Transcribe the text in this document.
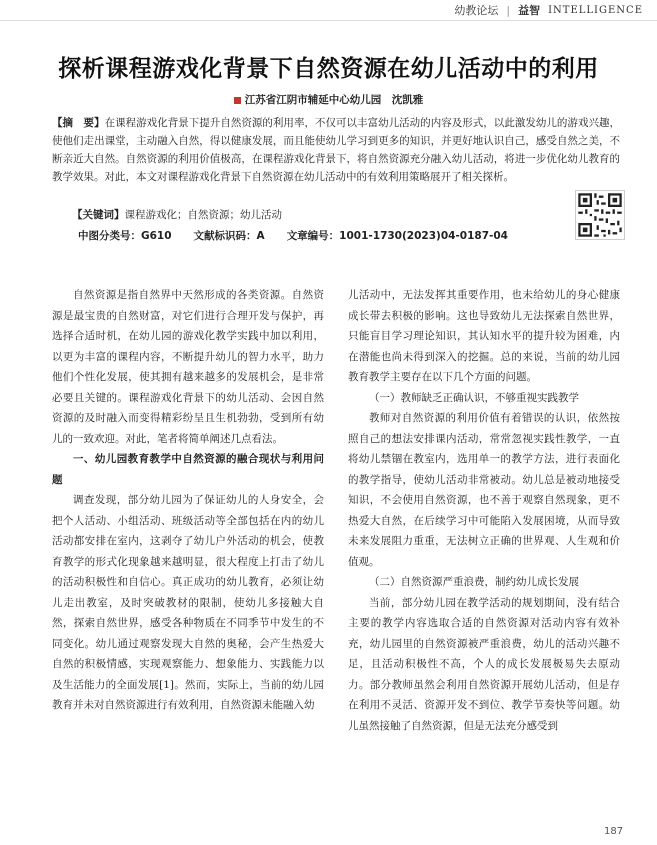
幼教论坛 | 益智 INTELLIGENCE
探析课程游戏化背景下自然资源在幼儿活动中的利用
江苏省江阴市辅延中心幼儿园　沈凯雅
【摘　要】在课程游戏化背景下提升自然资源的利用率，不仅可以丰富幼儿活动的内容及形式，以此激发幼儿的游戏兴趣，使他们走出课堂，主动融入自然，得以健康发展，而且能使幼儿学习到更多的知识，并更好地认识自己，感受自然之美，不断亲近大自然。自然资源的利用价值极高，在课程游戏化背景下，将自然资源充分融入幼儿活动，将进一步优化幼儿教育的教学效果。对此，本文对课程游戏化背景下自然资源在幼儿活动中的有效利用策略展开了相关探析。
【关键词】课程游戏化；自然资源；幼儿活动
中图分类号：G610 文献标识码：A 文章编号：1001-1730(2023)04-0187-04

自然资源是指自然界中天然形成的各类资源。自然资源是最宝贵的自然财富，对它们进行合理开发与保护，再选择合适时机，在幼儿园的游戏化教学实践中加以利用，以更为丰富的课程内容，不断提升幼儿的智力水平，助力他们个性化发展，使其拥有越来越多的发展机会，是非常必要且关键的。课程游戏化背景下的幼儿活动、会因自然资源的及时融入而变得精彩纷呈且生机勃勃，受到所有幼儿的一致欢迎。对此，笔者将简单阐述几点看法。

一、幼儿园教育教学中自然资源的融合现状与利用问题

调查发现，部分幼儿园为了保证幼儿的人身安全，会把个人活动、小组活动、班级活动等全部包括在内的幼儿活动都安排在室内，这剥夺了幼儿户外活动的机会，使教育教学的形式化现象越来越明显，很大程度上打击了幼儿的活动积极性和自信心。真正成功的幼儿教育，必须让幼儿走出教室，及时突破教材的限制，使幼儿多接触大自然，探索自然世界，感受各种物质在不同季节中发生的不同变化。幼儿通过观察发现大自然的奥秘，会产生热爱大自然的积极情感，实现观察能力、想象能力、实践能力以及生活能力的全面发展[1]。然而，实际上，当前的幼儿园教育并未对自然资源进行有效利用，自然资源未能融入幼

儿活动中，无法发挥其重要作用，也未给幼儿的身心健康成长带去积极的影响。这也导致幼儿无法探索自然世界，只能盲目学习理论知识，其认知水平的提升较为困难，内在潜能也尚未得到深入的挖掘。总的来说，当前的幼儿园教育教学主要存在以下几个方面的问题。

（一）教师缺乏正确认识，不够重视实践教学

教师对自然资源的利用价值有着错误的认识，依然按照自己的想法安排课内活动，常常忽视实践性教学，一直将幼儿禁锢在教室内，选用单一的教学方法，进行表面化的教学指导，使幼儿活动非常被动。幼儿总是被动地接受知识，不会使用自然资源，也不善于观察自然现象，更不热爱大自然，在后续学习中可能陷入发展困境，从而导致未来发展阻力重重，无法树立正确的世界观、人生观和价值观。

（二）自然资源严重浪费，制约幼儿成长发展

当前，部分幼儿园在教学活动的规划期间，没有结合主要的教学内容选取合适的自然资源对活动内容有效补充，幼儿园里的自然资源被严重浪费，幼儿的活动兴趣不足，且活动积极性不高，个人的成长发展极易失去原动力。部分教师虽然会利用自然资源开展幼儿活动，但是存在利用不灵活、资源开发不到位、教学节奏快等问题。幼儿虽然接触了自然资源，但是无法充分感受到

187
